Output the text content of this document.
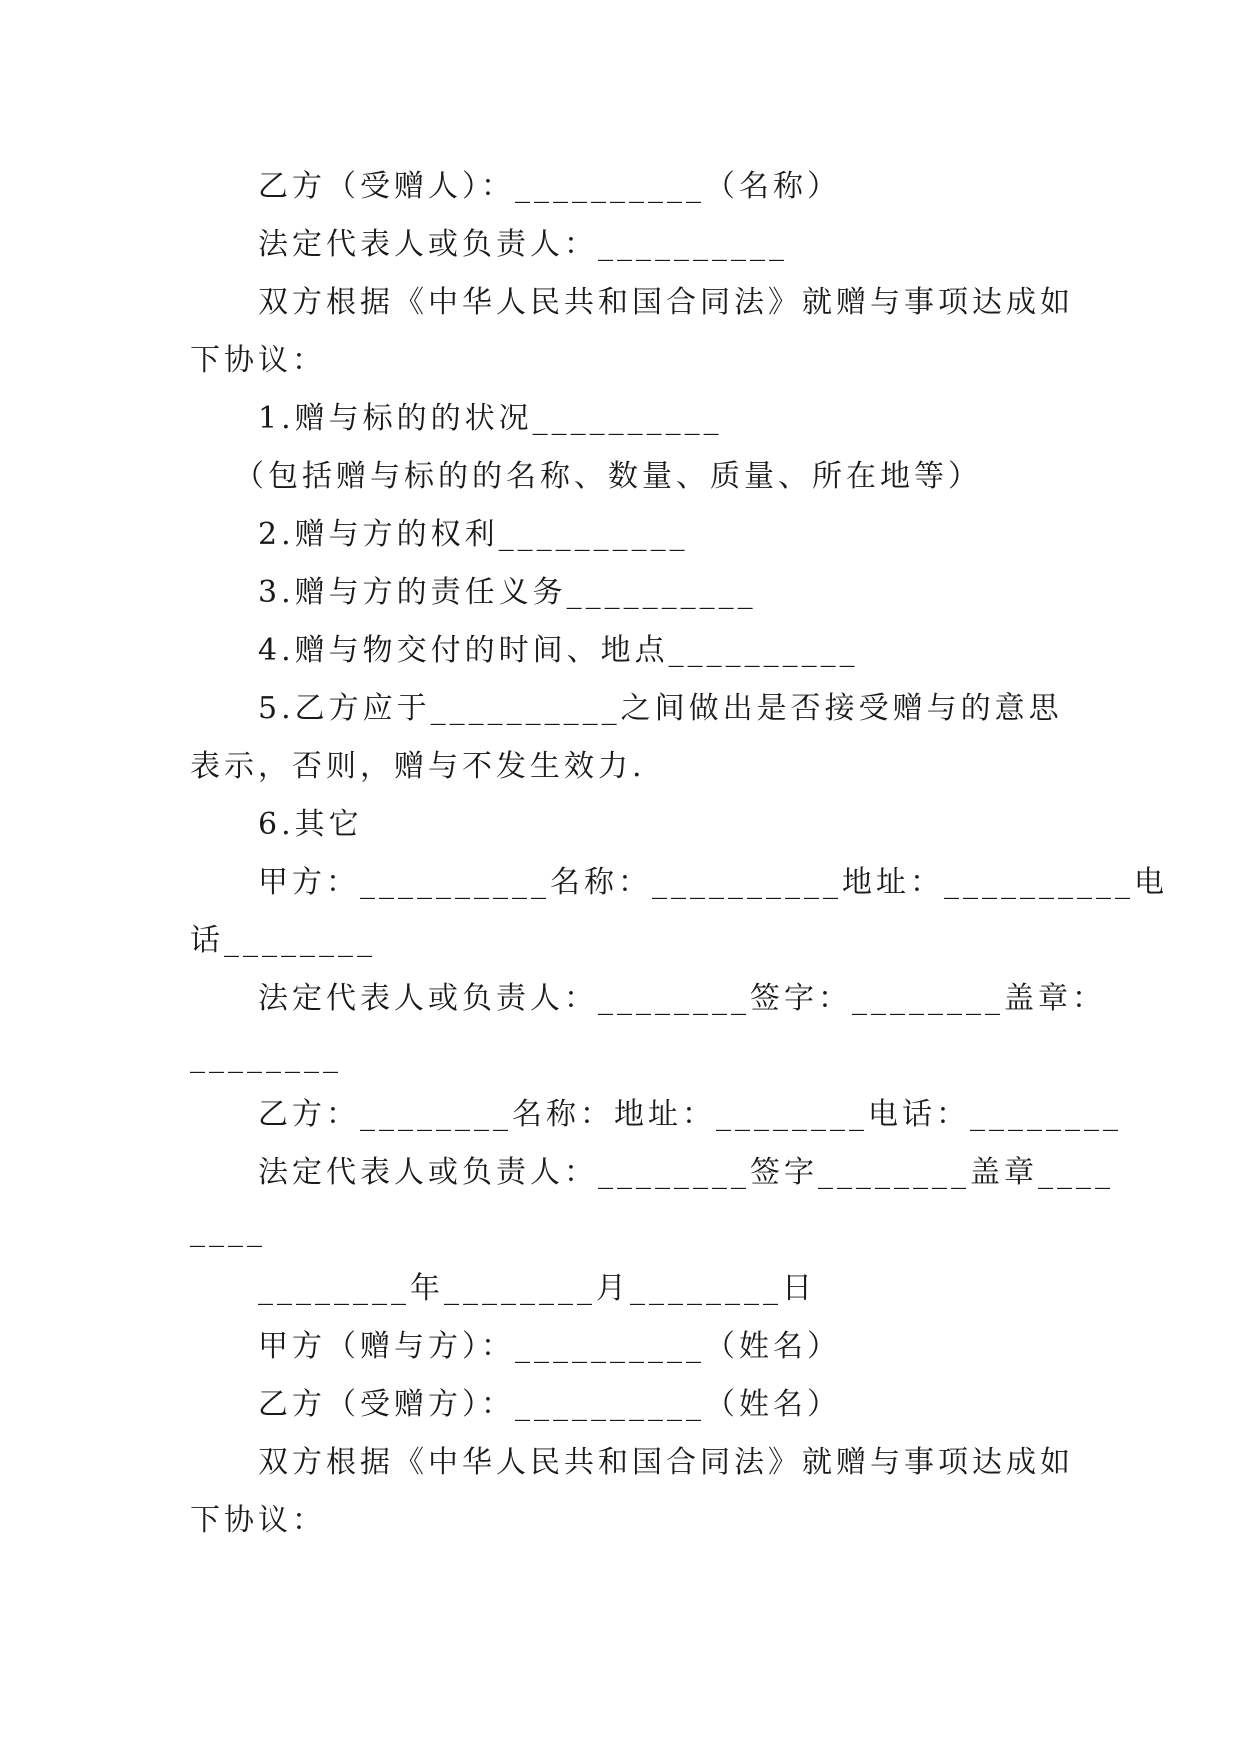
乙方（受赠人）：__________（名称）
法定代表人或负责人：__________
双方根据《中华人民共和国合同法》就赠与事项达成如
下协议：
1.赠与标的的状况__________
（包括赠与标的的名称、数量、质量、所在地等）
2.赠与方的权利__________
3.赠与方的责任义务__________
4.赠与物交付的时间、地点__________
5.乙方应于__________之间做出是否接受赠与的意思
表示，否则，赠与不发生效力.
6.其它
甲方：__________名称：__________地址：__________电
话________
法定代表人或负责人：________签字：________盖章：
________
乙方：________名称：地址：________电话：________
法定代表人或负责人：________签字________盖章____
____
________年________月________日
甲方（赠与方）：__________（姓名）
乙方（受赠方）：__________（姓名）
双方根据《中华人民共和国合同法》就赠与事项达成如
下协议：
